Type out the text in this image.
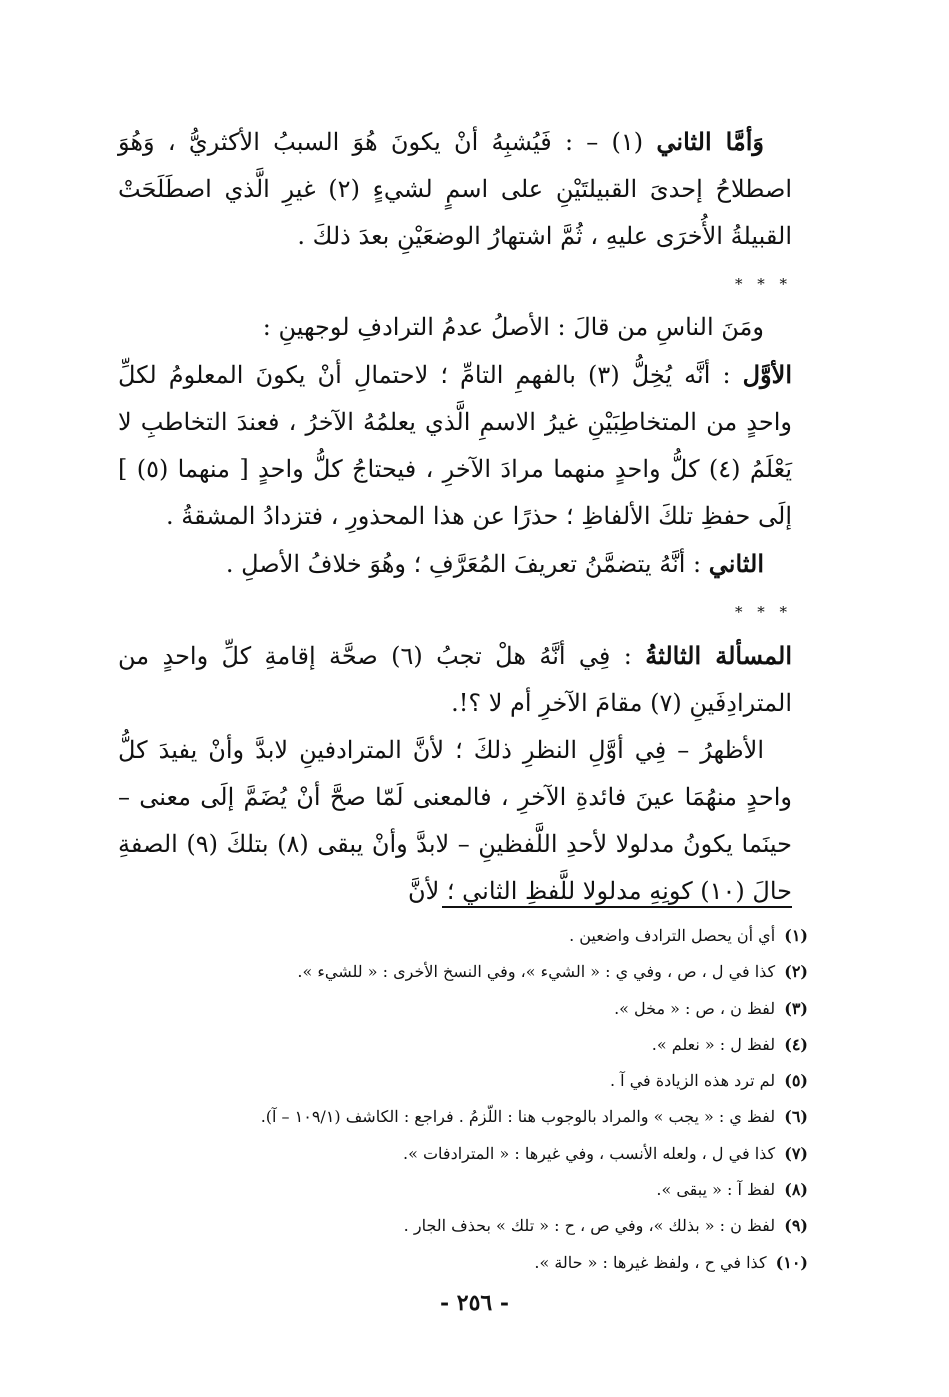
وَأمَّا الثاني (١) – : فَيُشبِهُ أنْ يكونَ هُوَ السببُ الأكثريُّ ، وَهُوَ اصطلاحُ إحدىَ القبيلتَيْنِ على اسمٍ لشيءٍ (٢) غيرِ الَّذي اصطَلَحَتْ القبيلةُ الأُخرَى عليهِ ، ثُمَّ اشتهارُ الوضعَيْنِ بعدَ ذلكَ .

* * *

ومَنَ الناسِ من قالَ : الأصلُ عدمُ الترادفِ لوجهينِ :

الأوَّل : أنَّه يُخِلُّ (٣) بالفهمِ التامِّ ؛ لاحتمالِ أنْ يكونَ المعلومُ لكلِّ واحدٍ من المتخاطِبَيْنِ غيرُ الاسمِ الَّذي يعلمُهُ الآخرُ ، فعندَ التخاطبِ لا يَعْلَمُ (٤) كلُّ واحدٍ منهما مرادَ الآخرِ ، فيحتاجُ كلُّ واحدٍ [ منهما (٥) ] إلَى حفظِ تلكَ الألفاظِ ؛ حذرًا عن هذا المحذورِ ، فتزدادُ المشقةُ .

الثاني : أنَّهُ يتضمَّنُ تعريفَ المُعَرَّفِ ؛ وهُوَ خلافُ الأصلِ .

* * *

المسألة الثالثةُ : فِي أنَّهُ هلْ تجبُ (٦) صحَّة إقامةِ كلِّ واحدٍ من المترادِفَينِ (٧) مقامَ الآخرِ أم لا ؟!.

الأظهرُ – فِي أوَّلِ النظرِ ذلكَ ؛ لأنَّ المترادفينِ لابدَّ وأنْ يفيدَ كلُّ واحدٍ منهُمَا عينَ فائدةِ الآخرِ ، فالمعنى لَمّا صحَّ أنْ يُضَمَّ إلَى معنى – حينَما يكونُ مدلولا لأحدِ اللَّفظينِ – لابدَّ وأنْ يبقى (٨) بتلكَ (٩) الصفةِ حالَ (١٠) كونِهِ مدلولا للَّفظِ الثاني ؛ لأنَّ

(١) أي أن يحصل الترادف واضعين .

(٢) كذا في ل ، ص ، وفي ي : « الشيء »، وفي النسخ الأخرى : « للشيء ».

(٣) لفظ ن ، ص : « مخل ».

(٤) لفظ ل : « نعلم ».

(٥) لم ترد هذه الزيادة في آ .

(٦) لفظ ي : « يجب » والمراد بالوجوب هنا : اللّزمُ . فراجع : الكاشف (١٠٩/١ – آ).

(٧) كذا في ل ، ولعله الأنسب ، وفي غيرها : « المترادفات ».

(٨) لفظ آ : « يبقى ».

(٩) لفظ ن : « بذلك »، وفي ص ، ح : « تلك » بحذف الجار .

(١٠) كذا في ح ، ولفظ غيرها : « حالة ».

- ٢٥٦ -
